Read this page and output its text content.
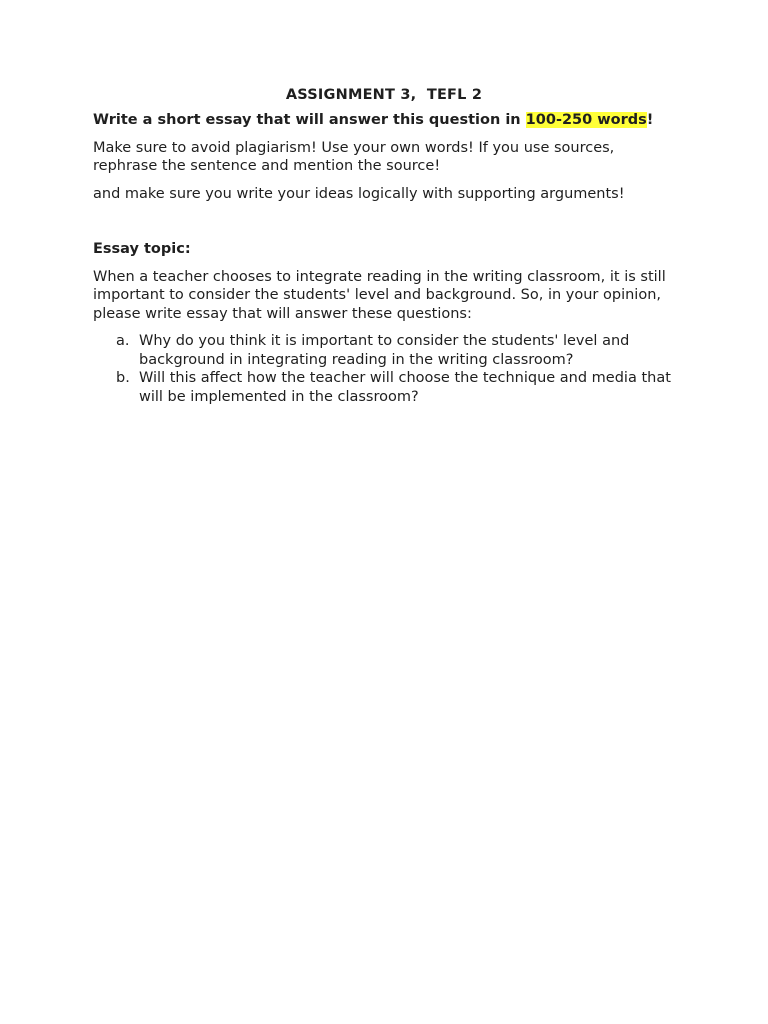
ASSIGNMENT 3,  TEFL 2

Write a short essay that will answer this question in 100-250 words!

Make sure to avoid plagiarism! Use your own words! If you use sources, rephrase the sentence and mention the source!

and make sure you write your ideas logically with supporting arguments!

Essay topic:

When a teacher chooses to integrate reading in the writing classroom, it is still important to consider the students' level and background. So, in your opinion, please write essay that will answer these questions:

a. Why do you think it is important to consider the students' level and background in integrating reading in the writing classroom?
b. Will this affect how the teacher will choose the technique and media that will be implemented in the classroom?
